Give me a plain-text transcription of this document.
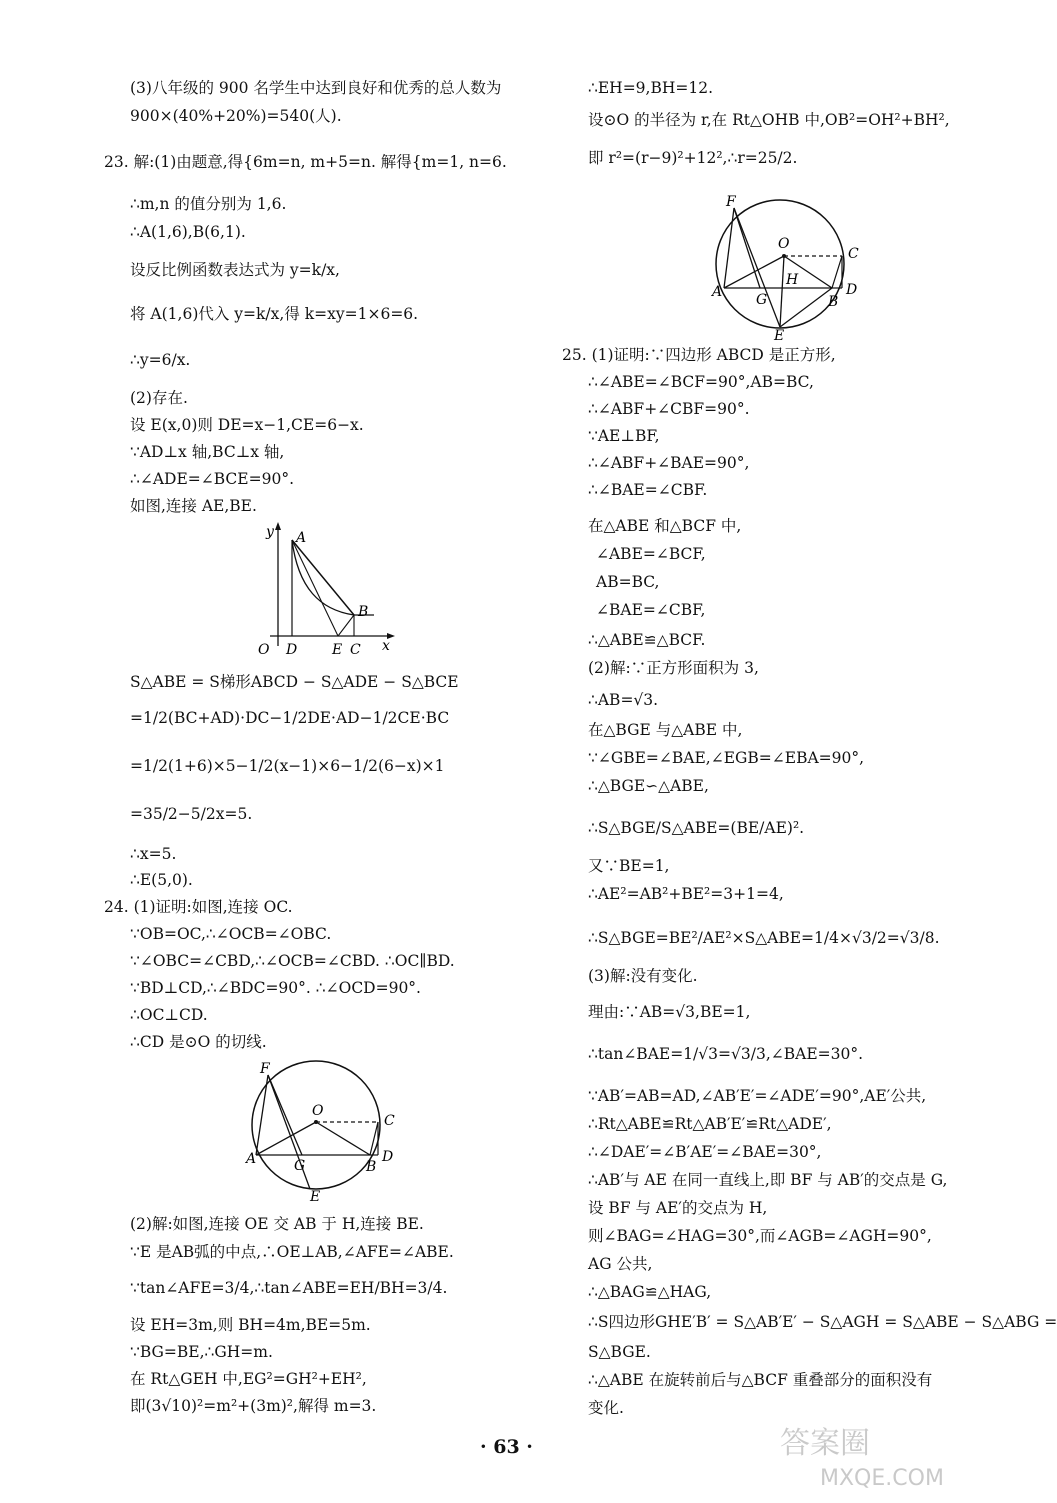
(3)八年级的 900 名学生中达到良好和优秀的总人数为
900×(40%+20%)=540(人).
23. 解:(1)由题意,得{6m=n, m+5=n. 解得{m=1, n=6.
∴m,n 的值分别为 1,6.
∴A(1,6),B(6,1).
设反比例函数表达式为 y=k/x,
将 A(1,6)代入 y=k/x,得 k=xy=1×6=6.
∴y=6/x.
(2)存在.
设 E(x,0)则 DE=x−1,CE=6−x.
∵AD⊥x 轴,BC⊥x 轴,
∴∠ADE=∠BCE=90°.
如图,连接 AE,BE.
S△ABE = S梯形ABCD − S△ADE − S△BCE
=1/2(BC+AD)·DC−1/2DE·AD−1/2CE·BC
=1/2(1+6)×5−1/2(x−1)×6−1/2(6−x)×1
=35/2−5/2x=5.
∴x=5.
∴E(5,0).
24. (1)证明:如图,连接 OC.
∵OB=OC,∴∠OCB=∠OBC.
∵∠OBC=∠CBD,∴∠OCB=∠CBD. ∴OC∥BD.
∵BD⊥CD,∴∠BDC=90°. ∴∠OCD=90°.
∴OC⊥CD.
∴CD 是⊙O 的切线.
(2)解:如图,连接 OE 交 AB 于 H,连接 BE.
∵E 是AB弧的中点,∴OE⊥AB,∠AFE=∠ABE.
∵tan∠AFE=3/4,∴tan∠ABE=EH/BH=3/4.
设 EH=3m,则 BH=4m,BE=5m.
∵BG=BE,∴GH=m.
在 Rt△GEH 中,EG²=GH²+EH²,
即(3√10)²=m²+(3m)²,解得 m=3.
∴EH=9,BH=12.
设⊙O 的半径为 r,在 Rt△OHB 中,OB²=OH²+BH²,
即 r²=(r−9)²+12²,∴r=25/2.
25. (1)证明:∵四边形 ABCD 是正方形,
∴∠ABE=∠BCF=90°,AB=BC,
∴∠ABF+∠CBF=90°.
∵AE⊥BF,
∴∠ABF+∠BAE=90°,
∴∠BAE=∠CBF.
在△ABE 和△BCF 中,
∠ABE=∠BCF,
AB=BC,
∠BAE=∠CBF,
∴△ABE≌△BCF.
(2)解:∵正方形面积为 3,
∴AB=√3.
在△BGE 与△ABE 中,
∵∠GBE=∠BAE,∠EGB=∠EBA=90°,
∴△BGE∽△ABE,
∴S△BGE/S△ABE=(BE/AE)².
又∵BE=1,
∴AE²=AB²+BE²=3+1=4,
∴S△BGE=BE²/AE²×S△ABE=1/4×√3/2=√3/8.
(3)解:没有变化.
理由:∵AB=√3,BE=1,
∴tan∠BAE=1/√3=√3/3,∠BAE=30°.
∵AB′=AB=AD,∠AB′E′=∠ADE′=90°,AE′公共,
∴Rt△ABE≌Rt△AB′E′≌Rt△ADE′,
∴∠DAE′=∠B′AE′=∠BAE=30°,
∴AB′与 AE 在同一直线上,即 BF 与 AB′的交点是 G,
设 BF 与 AE′的交点为 H,
则∠BAG=∠HAG=30°,而∠AGB=∠AGH=90°,
AG 公共,
∴△BAG≌△HAG,
∴S四边形GHE′B′ = S△AB′E′ − S△AGH = S△ABE − S△ABG =
S△BGE.
∴△ABE 在旋转前后与△BCF 重叠部分的面积没有
变化.
y A
B
O D E C x
F
O
C
A	G	B
D
E
F
O
C
H
A G	B
D
E
· 63 ·	答案圈
MXQE.COM
